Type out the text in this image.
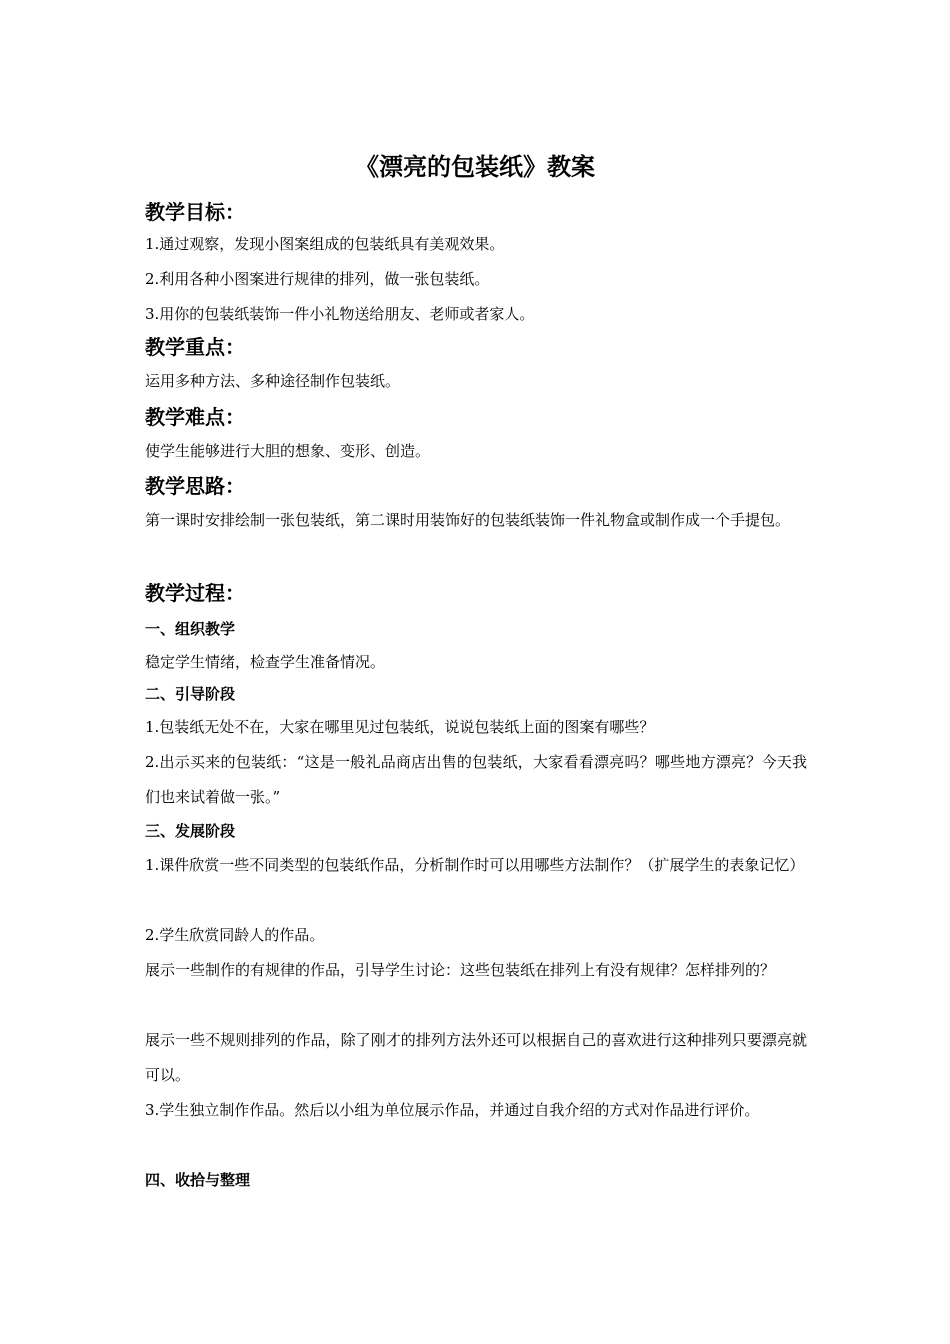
《漂亮的包装纸》教案
教学目标：

1.通过观察，发现小图案组成的包装纸具有美观效果。

2.利用各种小图案进行规律的排列，做一张包装纸。

3.用你的包装纸装饰一件小礼物送给朋友、老师或者家人。

教学重点：

运用多种方法、多种途径制作包装纸。

教学难点：

使学生能够进行大胆的想象、变形、创造。

教学思路：

第一课时安排绘制一张包装纸，第二课时用装饰好的包装纸装饰一件礼物盒或制作成一个手提包。

教学过程：
一、组织教学

稳定学生情绪，检查学生准备情况。

二、引导阶段

1.包装纸无处不在，大家在哪里见过包装纸，说说包装纸上面的图案有哪些？

2.出示买来的包装纸：“这是一般礼品商店出售的包装纸，大家看看漂亮吗？哪些地方漂亮？今天我们也来试着做一张。”

三、发展阶段

1.课件欣赏一些不同类型的包装纸作品，分析制作时可以用哪些方法制作？（扩展学生的表象记忆）

2.学生欣赏同龄人的作品。

展示一些制作的有规律的作品，引导学生讨论：这些包装纸在排列上有没有规律？怎样排列的？

展示一些不规则排列的作品，除了刚才的排列方法外还可以根据自己的喜欢进行这种排列只要漂亮就可以。

3.学生独立制作作品。然后以小组为单位展示作品，并通过自我介绍的方式对作品进行评价。

四、收拾与整理
